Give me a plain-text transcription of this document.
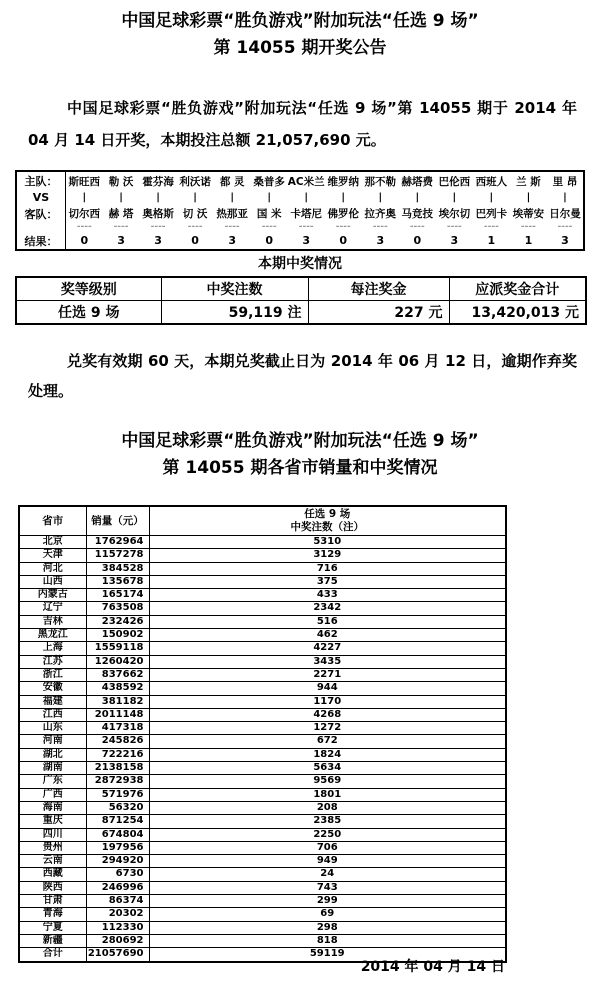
中国足球彩票“胜负游戏”附加玩法“任选 9 场”
第 14055 期开奖公告

中国足球彩票“胜负游戏”附加玩法“任选 9 场”第 14055 期于 2014 年 04 月 14 日开奖，本期投注总额 21,057,690 元。

主队：	斯旺西	勒 沃	霍芬海	利沃诺	都 灵	桑普多	AC米兰	维罗纳	那不勒	赫塔费	巴伦西	西班人	兰 斯	里 昂
VS	|	|	|	|	|	|	|	|	|	|	|	|	|	|
客队：	切尔西	赫 塔	奥格斯	切 沃	热那亚	国 米	卡塔尼	佛罗伦	拉齐奥	马竞技	埃尔切	巴列卡	埃蒂安	日尔曼
	----	----	----	----	----	----	----	----	----	----	----	----	----	----
结果：	0	3	3	0	3	0	3	0	3	0	3	1	1	3
本期中奖情况
奖等级别	中奖注数	每注奖金	应派奖金合计
任选 9 场	59,119 注	227 元	13,420,013 元

兑奖有效期 60 天，本期兑奖截止日为 2014 年 06 月 12 日，逾期作弃奖处理。

中国足球彩票“胜负游戏”附加玩法“任选 9 场”
第 14055 期各省市销量和中奖情况
省市	销量（元）	任选 9 场
中奖注数（注）

北京	1762964	5310
天津	1157278	3129
河北	384528	716
山西	135678	375
内蒙古	165174	433
辽宁	763508	2342
吉林	232426	516
黑龙江	150902	462
上海	1559118	4227
江苏	1260420	3435
浙江	837662	2271
安徽	438592	944
福建	381182	1170
江西	2011148	4268
山东	417318	1272
河南	245826	672
湖北	722216	1824
湖南	2138158	5634
广东	2872938	9569
广西	571976	1801
海南	56320	208
重庆	871254	2385
四川	674804	2250
贵州	197956	706
云南	294920	949
西藏	6730	24
陕西	246996	743
甘肃	86374	299
青海	20302	69
宁夏	112330	298
新疆	280692	818
合计	21057690	59119
2014 年 04 月 14 日
